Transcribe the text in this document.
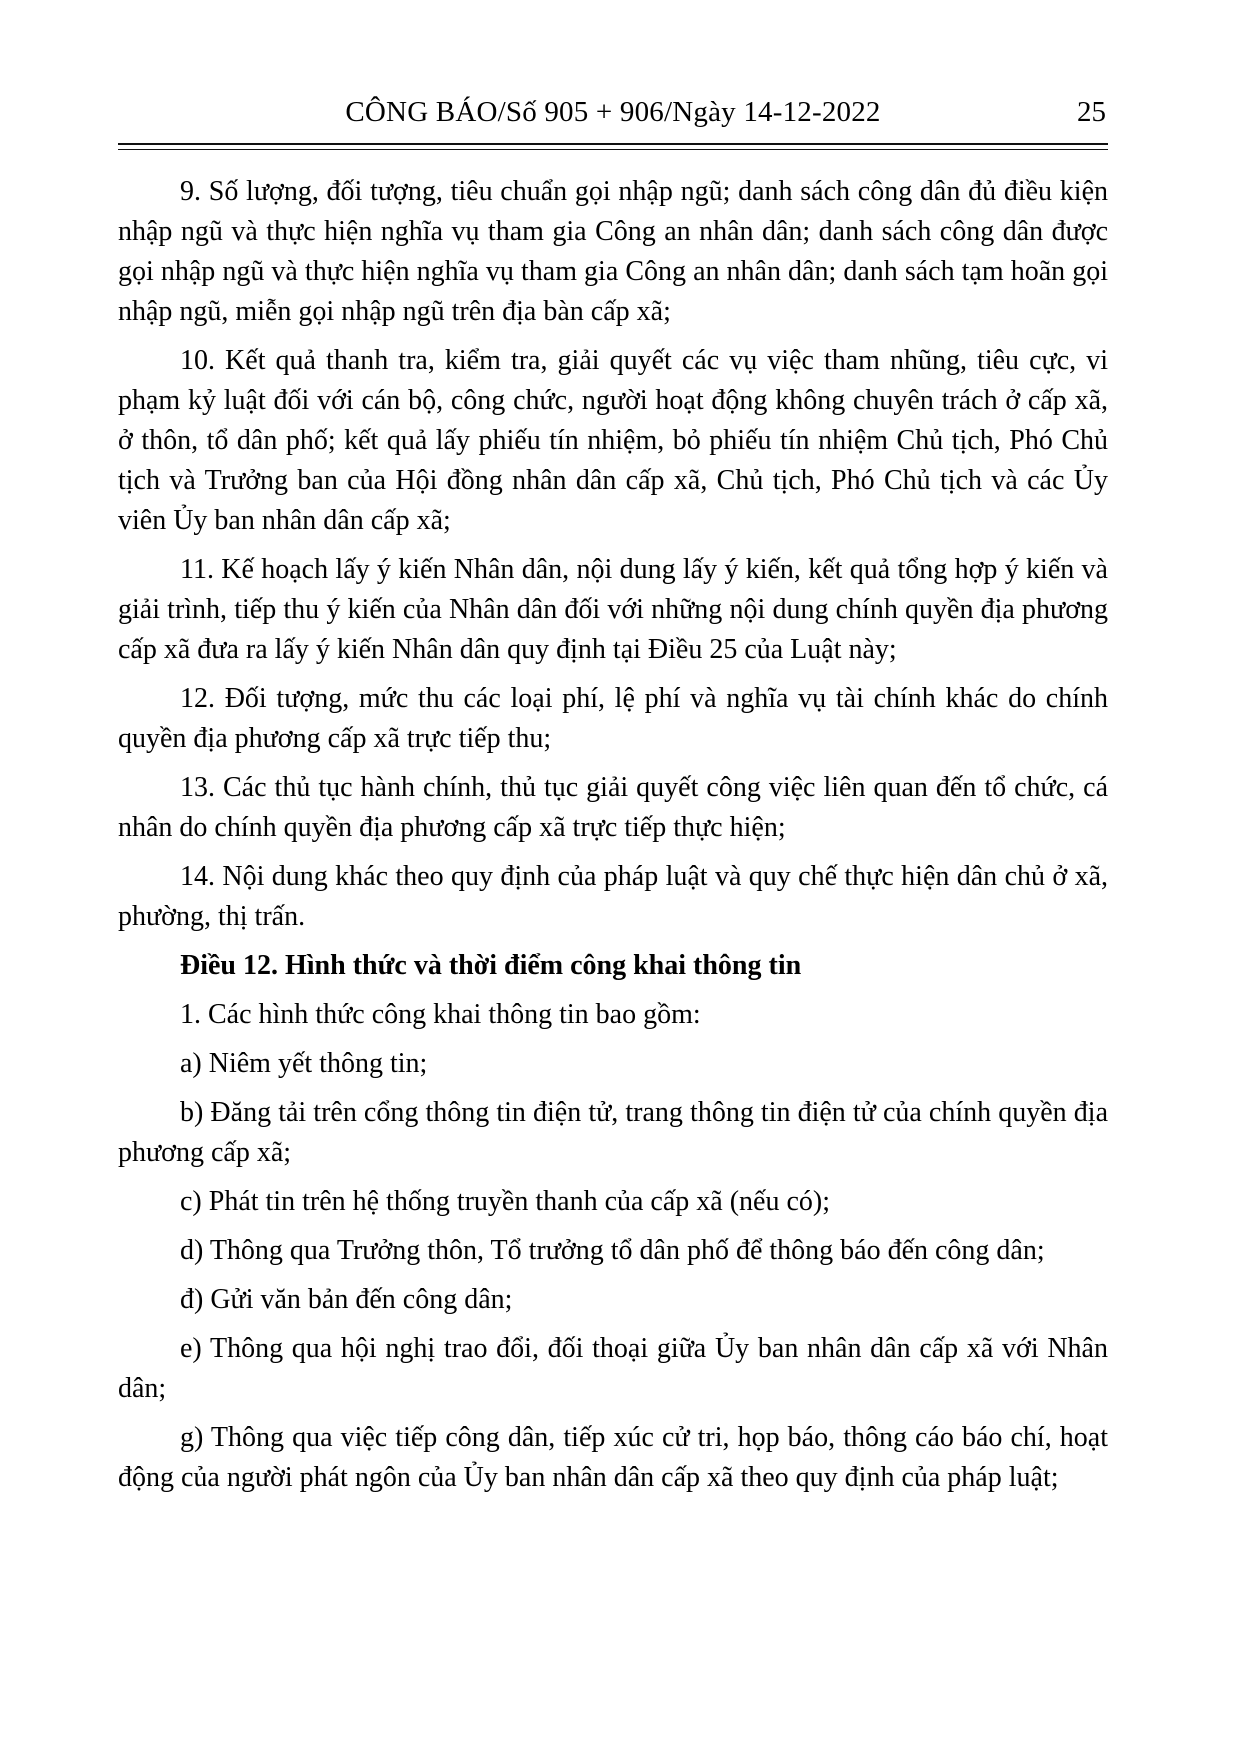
CÔNG BÁO/Số 905 + 906/Ngày 14-12-2022	25

9. Số lượng, đối tượng, tiêu chuẩn gọi nhập ngũ; danh sách công dân đủ điều kiện nhập ngũ và thực hiện nghĩa vụ tham gia Công an nhân dân; danh sách công dân được gọi nhập ngũ và thực hiện nghĩa vụ tham gia Công an nhân dân; danh sách tạm hoãn gọi nhập ngũ, miễn gọi nhập ngũ trên địa bàn cấp xã;

10. Kết quả thanh tra, kiểm tra, giải quyết các vụ việc tham nhũng, tiêu cực, vi phạm kỷ luật đối với cán bộ, công chức, người hoạt động không chuyên trách ở cấp xã, ở thôn, tổ dân phố; kết quả lấy phiếu tín nhiệm, bỏ phiếu tín nhiệm Chủ tịch, Phó Chủ tịch và Trưởng ban của Hội đồng nhân dân cấp xã, Chủ tịch, Phó Chủ tịch và các Ủy viên Ủy ban nhân dân cấp xã;

11. Kế hoạch lấy ý kiến Nhân dân, nội dung lấy ý kiến, kết quả tổng hợp ý kiến và giải trình, tiếp thu ý kiến của Nhân dân đối với những nội dung chính quyền địa phương cấp xã đưa ra lấy ý kiến Nhân dân quy định tại Điều 25 của Luật này;

12. Đối tượng, mức thu các loại phí, lệ phí và nghĩa vụ tài chính khác do chính quyền địa phương cấp xã trực tiếp thu;

13. Các thủ tục hành chính, thủ tục giải quyết công việc liên quan đến tổ chức, cá nhân do chính quyền địa phương cấp xã trực tiếp thực hiện;

14. Nội dung khác theo quy định của pháp luật và quy chế thực hiện dân chủ ở xã, phường, thị trấn.

Điều 12. Hình thức và thời điểm công khai thông tin

1. Các hình thức công khai thông tin bao gồm:

a) Niêm yết thông tin;

b) Đăng tải trên cổng thông tin điện tử, trang thông tin điện tử của chính quyền địa phương cấp xã;

c) Phát tin trên hệ thống truyền thanh của cấp xã (nếu có);

d) Thông qua Trưởng thôn, Tổ trưởng tổ dân phố để thông báo đến công dân;

đ) Gửi văn bản đến công dân;

e) Thông qua hội nghị trao đổi, đối thoại giữa Ủy ban nhân dân cấp xã với Nhân dân;

g) Thông qua việc tiếp công dân, tiếp xúc cử tri, họp báo, thông cáo báo chí, hoạt động của người phát ngôn của Ủy ban nhân dân cấp xã theo quy định của pháp luật;
